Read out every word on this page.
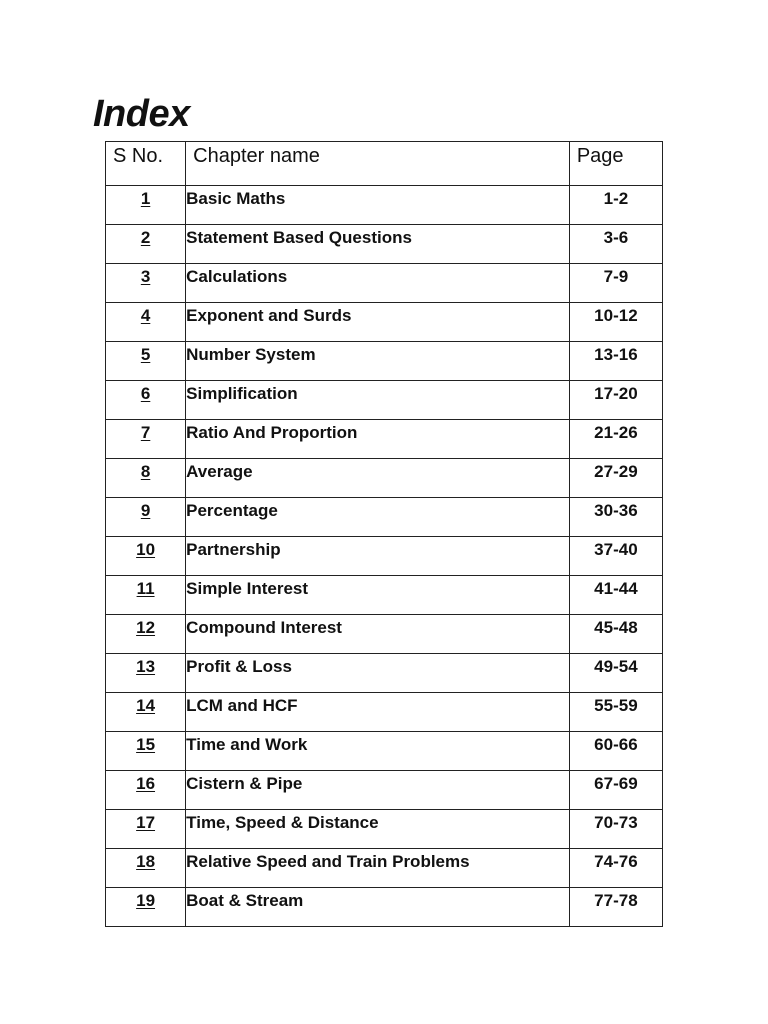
Index
S No.	Chapter name	Page
1	Basic Maths	1-2
2	Statement Based Questions	3-6
3	Calculations	7-9
4	Exponent and Surds	10-12
5	Number System	13-16
6	Simplification	17-20
7	Ratio And Proportion	21-26
8	Average	27-29
9	Percentage	30-36
10	Partnership	37-40
11	Simple Interest	41-44
12	Compound Interest	45-48
13	Profit & Loss	49-54
14	LCM and HCF	55-59
15	Time and Work	60-66
16	Cistern & Pipe	67-69
17	Time, Speed & Distance	70-73
18	Relative Speed and Train Problems	74-76
19	Boat & Stream	77-78
